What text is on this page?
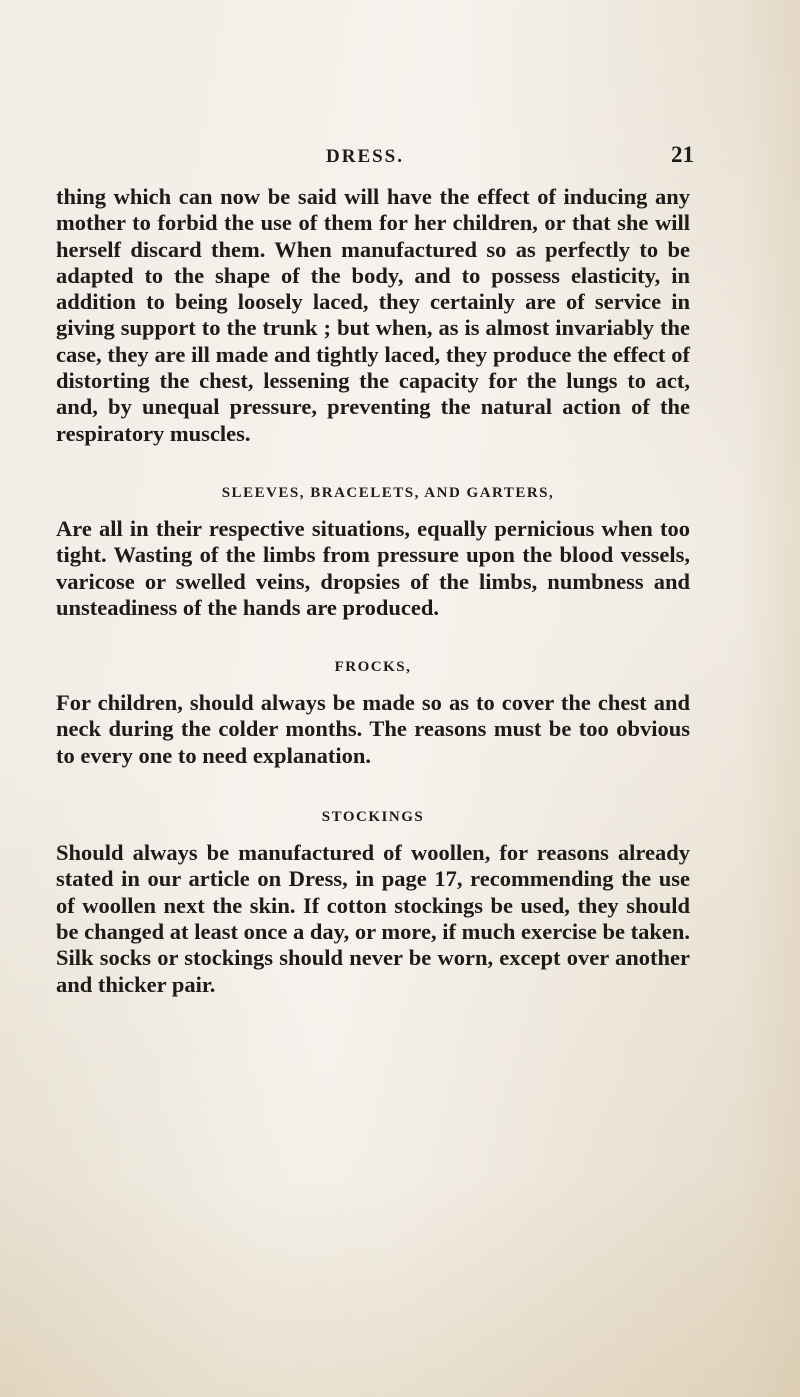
DRESS.	21

thing which can now be said will have the effect of inducing any mother to forbid the use of them for her children, or that she will herself discard them. When manufactured so as perfectly to be adapted to the shape of the body, and to possess elasticity, in addition to being loosely laced, they certainly are of service in giving support to the trunk ; but when, as is almost invariably the case, they are ill made and tightly laced, they produce the effect of distorting the chest, lessening the capacity for the lungs to act, and, by unequal pressure, preventing the natural action of the respiratory muscles.

SLEEVES, BRACELETS, AND GARTERS,

Are all in their respective situations, equally pernicious when too tight. Wasting of the limbs from pressure upon the blood vessels, varicose or swelled veins, dropsies of the limbs, numbness and unsteadiness of the hands are produced.

FROCKS,

For children, should always be made so as to cover the chest and neck during the colder months. The reasons must be too obvious to every one to need explanation.

STOCKINGS

Should always be manufactured of woollen, for reasons already stated in our article on Dress, in page 17, recommending the use of woollen next the skin. If cotton stockings be used, they should be changed at least once a day, or more, if much exercise be taken. Silk socks or stockings should never be worn, except over another and thicker pair.
